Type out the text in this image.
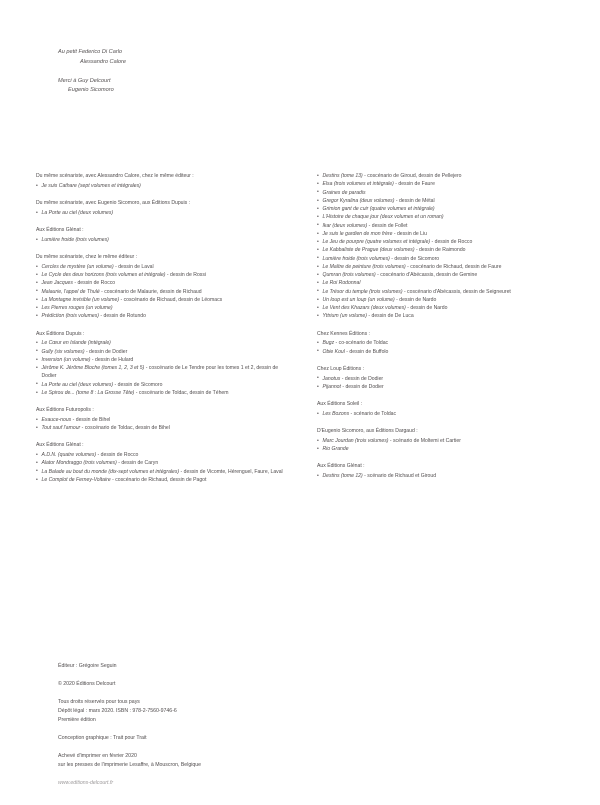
Au petit Federico Di Carlo
Alessandro Calore
Merci à Guy Delcourt
Eugenio Sicomoro

Du même scénariste, avec Alessandro Calore, chez le même éditeur :

• Je suis Cathare (sept volumes et intégrales)

Du même scénariste, avec Eugenio Sicomoro, aux Éditions Dupuis :

• La Porte au ciel (deux volumes)

Aux Éditions Glénat :

• Lumière froide (trois volumes)

Du même scénariste, chez le même éditeur :

• Cercles de mystère (un volume) - dessin de Laval
• Le Cycle des deux horizons (trois volumes et intégrale) - dessin de Rossi
• Jean Jacques - dessin de Rocco
• Malaurie, l'appel de Thulé - coscénario de Malaurie, dessin de Richaud
• La Montagne invisible (un volume) - coscénario de Richaud, dessin de Léomacs
• Les Pierres rouges (un volume)
• Prédiction (trois volumes) - dessin de Rotundo

Aux Éditions Dupuis :

• Le Cœur en Islande (intégrale)
• Gully (six volumes) - dessin de Dodier
• Inversion (un volume) - dessin de Hulard
• Jérôme K. Jérôme Bloche (tomes 1, 2, 3 et 5) - coscénario de Le Tendre pour les tomes 1 et 2, dessin de Dodier
• La Porte au ciel (deux volumes) - dessin de Sicomoro
• Le Spirou de... (tome 8 : La Grosse Tête) - coscénario de Toldac, dessin de Téhem

Aux Éditions Futuropolis :

• Exauce-nous - dessin de Bihel
• Tout sauf l'amour - coscénario de Toldac, dessin de Bihel

Aux Éditions Glénat :

• A.D.N. (quatre volumes) - dessin de Rocco
• Alator Mondraggo (trois volumes) - dessin de Caryn
• La Balade au bout du monde (dix-sept volumes et intégrales) - dessin de Vicomte, Hérenguel, Faure, Laval
• Le Complot de Ferney-Voltaire - coscénario de Richaud, dessin de Pagot
• Destins (tome 13) - coscénario de Giroud, dessin de Pellejero
• Elsa (trois volumes et intégrale) - dessin de Faure
• Graines de paradis
• Gregor Kyralina (deux volumes) - dessin de Métal
• Grimion gant de cuir (quatre volumes et intégrale)
• L'Histoire de chaque jour (deux volumes et un roman)
• Ikar (deux volumes) - dessin de Follet
• Je suis le gardien de mon frère - dessin de Liu
• Le Jeu de pourpre (quatre volumes et intégrale) - dessin de Rocco
• Le Kabbaliste de Prague (deux volumes) - dessin de Raimondo
• Lumière froide (trois volumes) - dessin de Sicomoro
• Le Maître de peinture (trois volumes) - coscénario de Richaud, dessin de Faure
• Qumran (trois volumes) - coscénario d'Abécassis, dessin de Gemine
• Le Roi Rodonnal
• Le Trésor du temple (trois volumes) - coscénario d'Abécassis, dessin de Seigneuret
• Un loup est un loup (un volume) - dessin de Nardo
• Le Vent des Khazars (deux volumes) - dessin de Nardo
• Yttrium (un volume) - dessin de De Luca

Chez Kennes Éditions :

• Bugz - co-scénario de Toldac
• Obie Koul - dessin de Buffolo

Chez Loup Éditions :

• Janotus - dessin de Dodier
• Pijannot - dessin de Dodier

Aux Éditions Soleil :

• Les Bozons - scénario de Toldac

D'Eugenio Sicomoro, aux Éditions Dargaud :

• Marc Jourdan (trois volumes) - scénario de Moltemi et Cartier
• Rio Grande

Aux Éditions Glénat :

• Destins (tome 12) - scénario de Richaud et Giroud
Éditeur : Grégoire Seguin
© 2020 Éditions Delcourt
Tous droits réservés pour tous pays
Dépôt légal : mars 2020. ISBN : 978-2-7560-9746-6
Première édition
Conception graphique : Trait pour Trait
Achevé d'imprimer en février 2020
sur les presses de l'imprimerie Lesaffre, à Mouscron, Belgique
www.editions-delcourt.fr
